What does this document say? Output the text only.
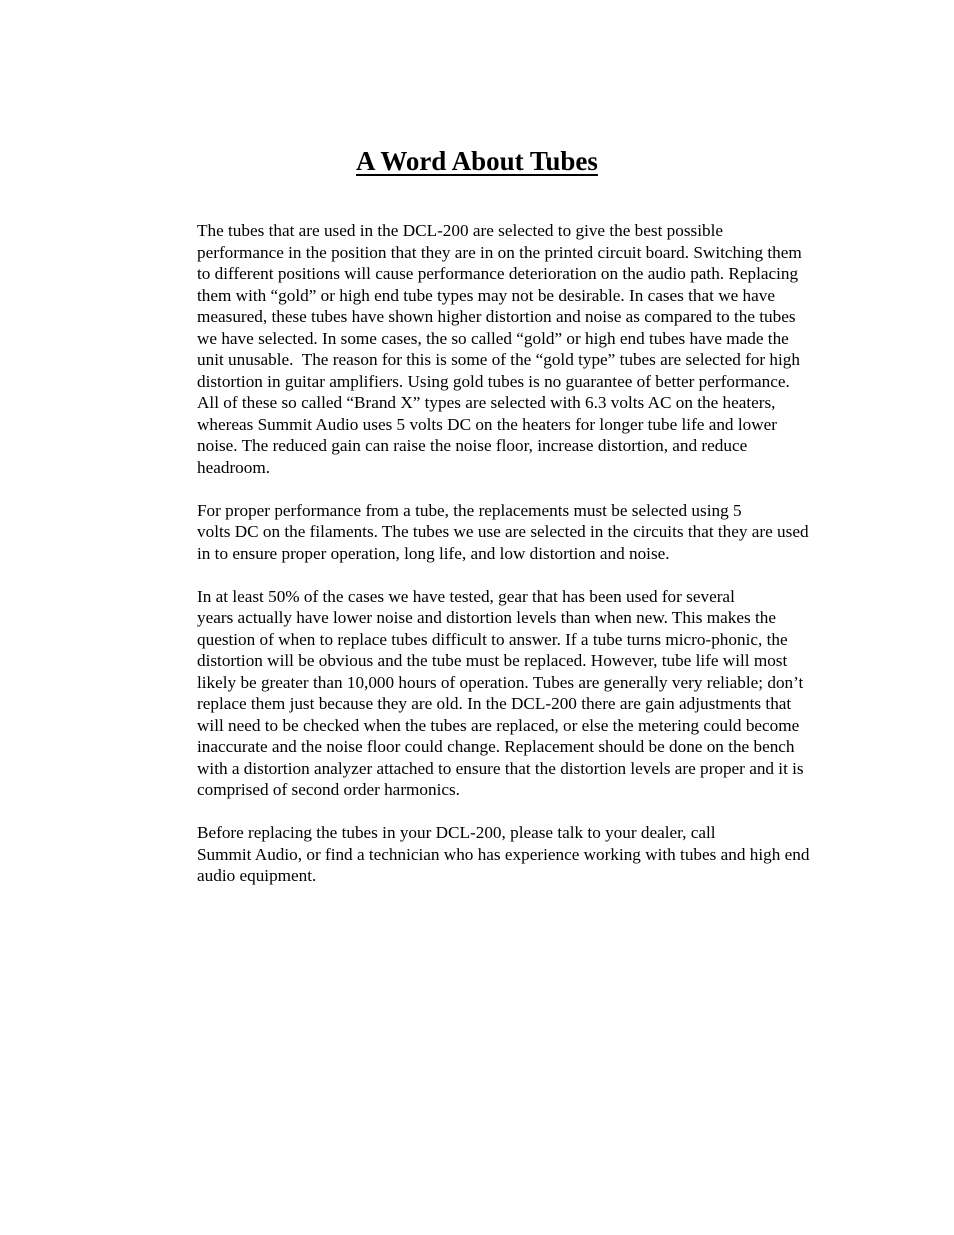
A Word About Tubes

The tubes that are used in the DCL-200 are selected to give the best possible
performance in the position that they are in on the printed circuit board. Switching them
to different positions will cause performance deterioration on the audio path. Replacing
them with “gold” or high end tube types may not be desirable. In cases that we have
measured, these tubes have shown higher distortion and noise as compared to the tubes
we have selected. In some cases, the so called “gold” or high end tubes have made the
unit unusable.  The reason for this is some of the “gold type” tubes are selected for high
distortion in guitar amplifiers. Using gold tubes is no guarantee of better performance.
All of these so called “Brand X” types are selected with 6.3 volts AC on the heaters,
whereas Summit Audio uses 5 volts DC on the heaters for longer tube life and lower
noise. The reduced gain can raise the noise floor, increase distortion, and reduce
headroom.

For proper performance from a tube, the replacements must be selected using 5
volts DC on the filaments. The tubes we use are selected in the circuits that they are used
in to ensure proper operation, long life, and low distortion and noise.

In at least 50% of the cases we have tested, gear that has been used for several
years actually have lower noise and distortion levels than when new. This makes the
question of when to replace tubes difficult to answer. If a tube turns micro-phonic, the
distortion will be obvious and the tube must be replaced. However, tube life will most
likely be greater than 10,000 hours of operation. Tubes are generally very reliable; don’t
replace them just because they are old. In the DCL-200 there are gain adjustments that
will need to be checked when the tubes are replaced, or else the metering could become
inaccurate and the noise floor could change. Replacement should be done on the bench
with a distortion analyzer attached to ensure that the distortion levels are proper and it is
comprised of second order harmonics.

Before replacing the tubes in your DCL-200, please talk to your dealer, call
Summit Audio, or find a technician who has experience working with tubes and high end
audio equipment.
